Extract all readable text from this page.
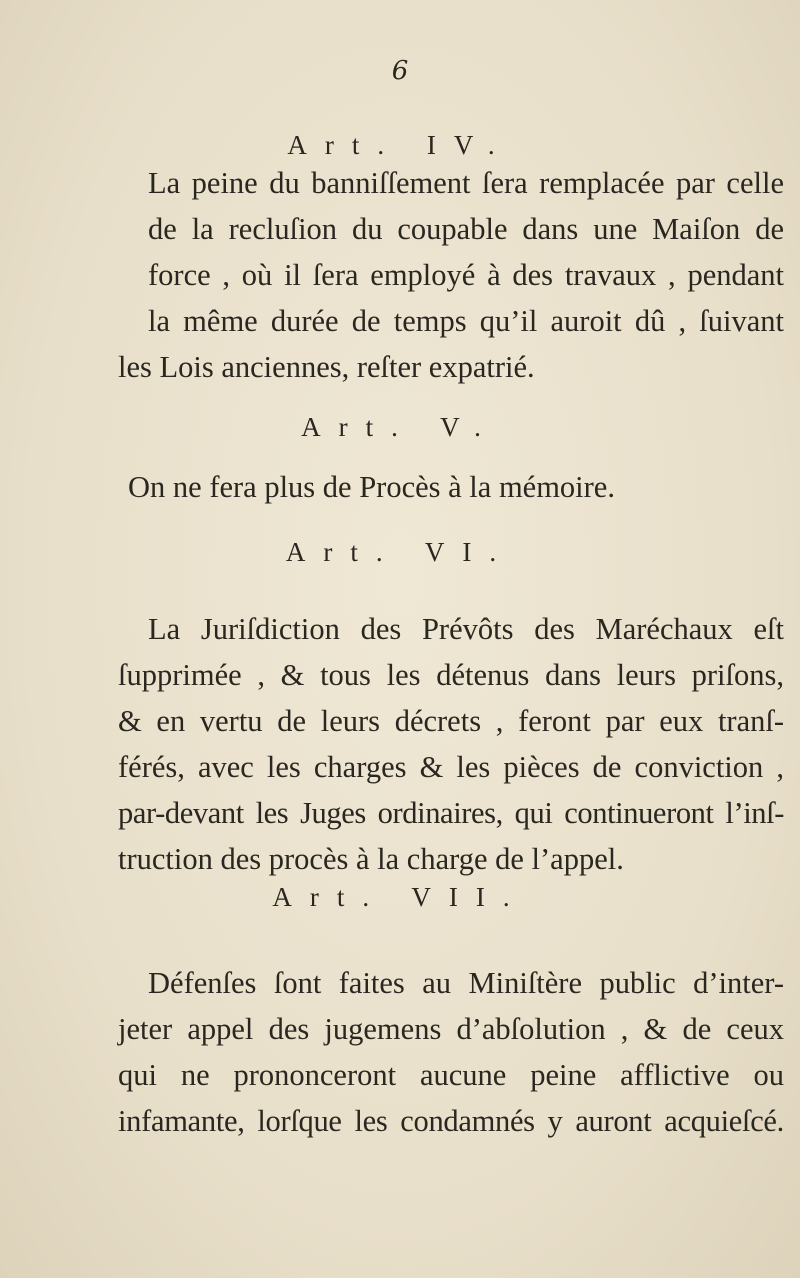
6
Art. IV.
La peine du banniſſement ſera remplacée par celle
de la recluſion du coupable dans une Maiſon de
force , où il ſera employé à des travaux , pendant
la même durée de temps qu’il auroit dû , ſuivant
les Lois anciennes, reſter expatrié.
Art. V.
On ne fera plus de Procès à la mémoire.
Art. VI.
La Juriſdiction des Prévôts des Maréchaux eſt
ſupprimée , & tous les détenus dans leurs priſons,
& en vertu de leurs décrets , feront par eux tranſ-
férés, avec les charges & les pièces de conviction ,
par-devant les Juges ordinaires, qui continueront l’inſ-
truction des procès à la charge de l’appel.
Art. VII.
Défenſes ſont faites au Miniſtère public d’inter-
jeter appel des jugemens d’abſolution , & de ceux
qui ne prononceront aucune peine afflictive ou
infamante, lorſque les condamnés y auront acquieſcé.
